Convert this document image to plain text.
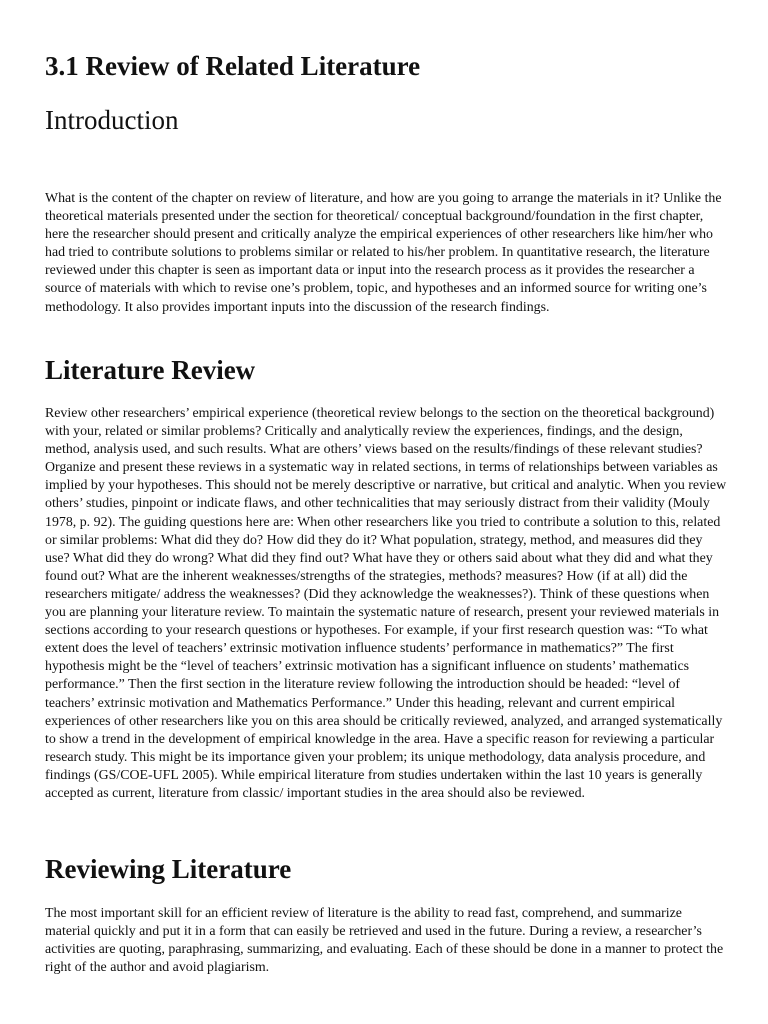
3.1 Review of Related Literature
Introduction

What is the content of the chapter on review of literature, and how are you going to arrange the materials in it? Unlike the theoretical materials presented under the section for theoretical/ conceptual background/foundation in the first chapter, here the researcher should present and critically analyze the empirical experiences of other researchers like him/her who had tried to contribute solutions to problems similar or related to his/her problem. In quantitative research, the literature reviewed under this chapter is seen as important data or input into the research process as it provides the researcher a source of materials with which to revise one’s problem, topic, and hypotheses and an informed source for writing one’s methodology. It also provides important inputs into the discussion of the research findings.

Literature Review

Review other researchers’ empirical experience (theoretical review belongs to the section on the theoretical background) with your, related or similar problems? Critically and analytically review the experiences, findings, and the design, method, analysis used, and such results. What are others’ views based on the results/findings of these relevant studies? Organize and present these reviews in a systematic way in related sections, in terms of relationships between variables as implied by your hypotheses. This should not be merely descriptive or narrative, but critical and analytic. When you review others’ studies, pinpoint or indicate flaws, and other technicalities that may seriously distract from their validity (Mouly 1978, p. 92). The guiding questions here are: When other researchers like you tried to contribute a solution to this, related or similar problems: What did they do? How did they do it? What population, strategy, method, and measures did they use? What did they do wrong? What did they find out? What have they or others said about what they did and what they found out? What are the inherent weaknesses/strengths of the strategies, methods? measures? How (if at all) did the researchers mitigate/ address the weaknesses? (Did they acknowledge the weaknesses?). Think of these questions when you are planning your literature review. To maintain the systematic nature of research, present your reviewed materials in sections according to your research questions or hypotheses. For example, if your first research question was: “To what extent does the level of teachers’ extrinsic motivation influence students’ performance in mathematics?” The first hypothesis might be the “level of teachers’ extrinsic motivation has a significant influence on students’ mathematics performance.” Then the first section in the literature review following the introduction should be headed: “level of teachers’ extrinsic motivation and Mathematics Performance.” Under this heading, relevant and current empirical experiences of other researchers like you on this area should be critically reviewed, analyzed, and arranged systematically to show a trend in the development of empirical knowledge in the area. Have a specific reason for reviewing a particular research study. This might be its importance given your problem; its unique methodology, data analysis procedure, and findings (GS/COE-UFL 2005). While empirical literature from studies undertaken within the last 10 years is generally accepted as current, literature from classic/ important studies in the area should also be reviewed.

Reviewing Literature

The most important skill for an efficient review of literature is the ability to read fast, comprehend, and summarize material quickly and put it in a form that can easily be retrieved and used in the future. During a review, a researcher’s activities are quoting, paraphrasing, summarizing, and evaluating. Each of these should be done in a manner to protect the right of the author and avoid plagiarism.
